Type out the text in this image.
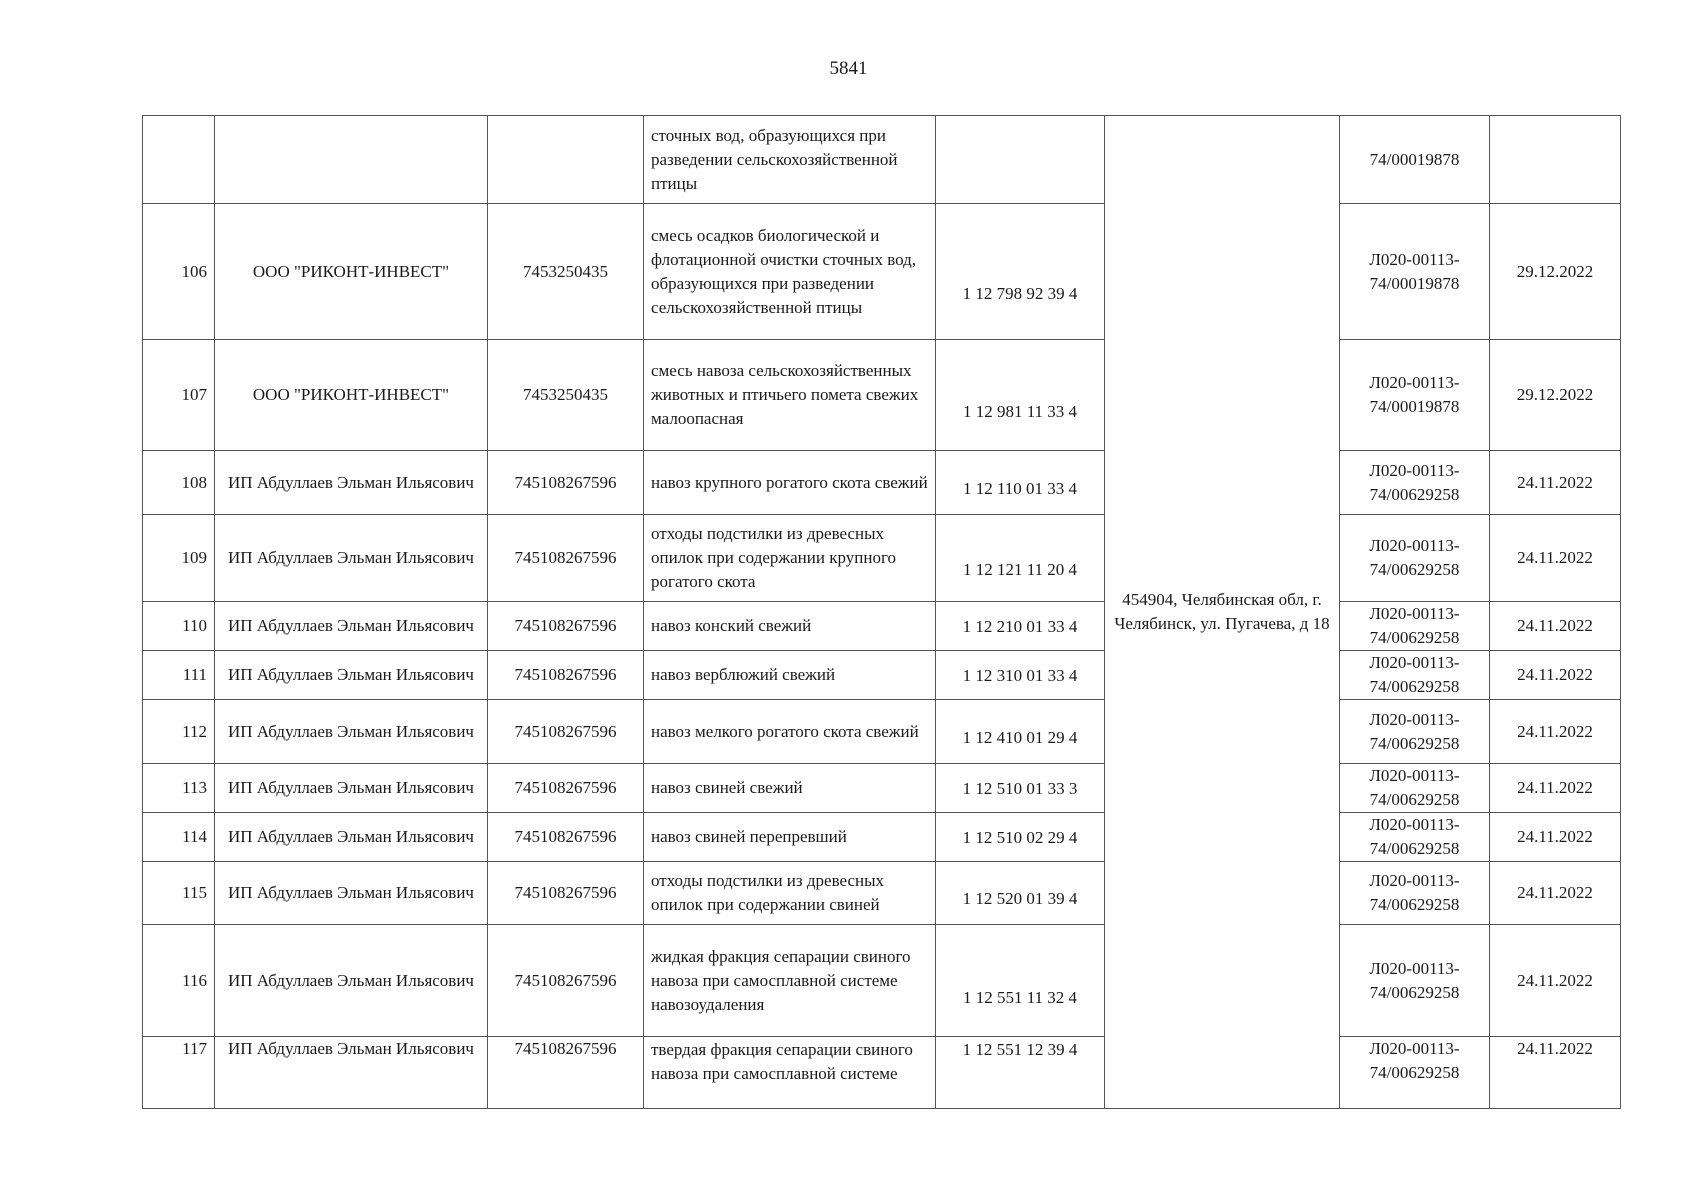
5841
			сточных вод, образующихся при разведении сельскохозяйственной птицы		454904, Челябинская обл, г. Челябинск, ул. Пугачева, д 18	74/00019878	
106	ООО "РИКОНТ-ИНВЕСТ"	7453250435	смесь осадков биологической и флотационной очистки сточных вод, образующихся при разведении сельскохозяйственной птицы	1 12 798 92 39 4		Л020-00113-74/00019878	29.12.2022
107	ООО "РИКОНТ-ИНВЕСТ"	7453250435	смесь навоза сельскохозяйственных животных и птичьего помета свежих малоопасная	1 12 981 11 33 4		Л020-00113-74/00019878	29.12.2022
108	ИП Абдуллаев Эльман Ильясович	745108267596	навоз крупного рогатого скота свежий	1 12 110 01 33 4		Л020-00113-74/00629258	24.11.2022
109	ИП Абдуллаев Эльман Ильясович	745108267596	отходы подстилки из древесных опилок при содержании крупного рогатого скота	1 12 121 11 20 4		Л020-00113-74/00629258	24.11.2022
110	ИП Абдуллаев Эльман Ильясович	745108267596	навоз конский свежий	1 12 210 01 33 4		Л020-00113-74/00629258	24.11.2022
111	ИП Абдуллаев Эльман Ильясович	745108267596	навоз верблюжий свежий	1 12 310 01 33 4		Л020-00113-74/00629258	24.11.2022
112	ИП Абдуллаев Эльман Ильясович	745108267596	навоз мелкого рогатого скота свежий	1 12 410 01 29 4		Л020-00113-74/00629258	24.11.2022
113	ИП Абдуллаев Эльман Ильясович	745108267596	навоз свиней свежий	1 12 510 01 33 3		Л020-00113-74/00629258	24.11.2022
114	ИП Абдуллаев Эльман Ильясович	745108267596	навоз свиней перепревший	1 12 510 02 29 4		Л020-00113-74/00629258	24.11.2022
115	ИП Абдуллаев Эльман Ильясович	745108267596	отходы подстилки из древесных опилок при содержании свиней	1 12 520 01 39 4		Л020-00113-74/00629258	24.11.2022
116	ИП Абдуллаев Эльман Ильясович	745108267596	жидкая фракция сепарации свиного навоза при самосплавной системе навозоудаления	1 12 551 11 32 4		Л020-00113-74/00629258	24.11.2022
117	ИП Абдуллаев Эльман Ильясович	745108267596	твердая фракция сепарации свиного навоза при самосплавной системе	1 12 551 12 39 4		Л020-00113-74/00629258	24.11.2022
